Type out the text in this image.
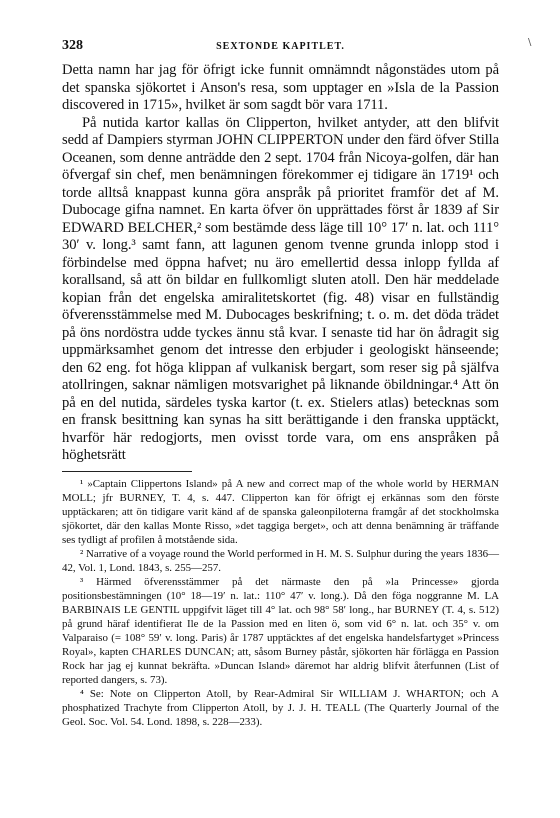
\
328	SEXTONDE KAPITLET.

Detta namn har jag för öfrigt icke funnit omnämndt någonstädes utom på det spanska sjökortet i Anson's resa, som upptager en »Isla de la Passion discovered in 1715», hvilket är som sagdt bör vara 1711.

På nutida kartor kallas ön Clipperton, hvilket antyder, att den blifvit sedd af Dampiers styrman JOHN CLIPPERTON under den färd öfver Stilla Oceanen, som denne anträdde den 2 sept. 1704 från Nicoya-golfen, där han öfvergaf sin chef, men benämningen förekommer ej tidigare än 1719¹ och torde alltså knappast kunna göra anspråk på prioritet framför det af M. Dubocage gifna namnet. En karta öfver ön upprättades först år 1839 af Sir EDWARD BELCHER,² som bestämde dess läge till 10° 17′ n. lat. och 111° 30′ v. long.³ samt fann, att lagunen genom tvenne grunda inlopp stod i förbindelse med öppna hafvet; nu äro emellertid dessa inlopp fyllda af korallsand, så att ön bildar en fullkomligt sluten atoll. Den här meddelade kopian från det engelska amiralitetskortet (fig. 48) visar en fullständig öfverensstämmelse med M. Dubocages beskrifning; t. o. m. det döda trädet på öns nordöstra udde tyckes ännu stå kvar. I senaste tid har ön ådragit sig uppmärksamhet genom det intresse den erbjuder i geologiskt hänseende; den 62 eng. fot höga klippan af vulkanisk bergart, som reser sig på själfva atollringen, saknar nämligen motsvarighet på liknande öbildningar.⁴ Att ön på en del nutida, särdeles tyska kartor (t. ex. Stielers atlas) betecknas som en fransk besittning kan synas ha sitt berättigande i den franska upptäckt, hvarför här redogjorts, men ovisst torde vara, om ens anspråken på höghetsrätt

¹ »Captain Clippertons Island» på A new and correct map of the whole world by HERMAN MOLL; jfr BURNEY, T. 4, s. 447. Clipperton kan för öfrigt ej erkännas som den förste upptäckaren; att ön tidigare varit känd af de spanska galeonpiloterna framgår af det stockholmska sjökortet, där den kallas Monte Risso, »det taggiga berget», och att denna benämning är träffande ses tydligt af profilen å motstående sida.

² Narrative of a voyage round the World performed in H. M. S. Sulphur during the years 1836—42, Vol. 1, Lond. 1843, s. 255—257.

³ Härmed öfverensstämmer på det närmaste den på »la Princesse» gjorda positionsbestämningen (10° 18—19′ n. lat.: 110° 47′ v. long.). Då den föga noggranne M. LA BARBINAIS LE GENTIL uppgifvit läget till 4° lat. och 98° 58′ long., har BURNEY (T. 4, s. 512) på grund häraf identifierat Ile de la Passion med en liten ö, som vid 6° n. lat. och 35° v. om Valparaiso (= 108° 59′ v. long. Paris) år 1787 upptäcktes af det engelska handelsfartyget »Princess Royal», kapten CHARLES DUNCAN; att, såsom Burney påstår, sjökorten här förlägga en Passion Rock har jag ej kunnat bekräfta. »Duncan Island» däremot har aldrig blifvit återfunnen (List of reported dangers, s. 73).

⁴ Se: Note on Clipperton Atoll, by Rear-Admiral Sir WILLIAM J. WHARTON; och A phosphatized Trachyte from Clipperton Atoll, by J. J. H. TEALL (The Quarterly Journal of the Geol. Soc. Vol. 54. Lond. 1898, s. 228—233).
